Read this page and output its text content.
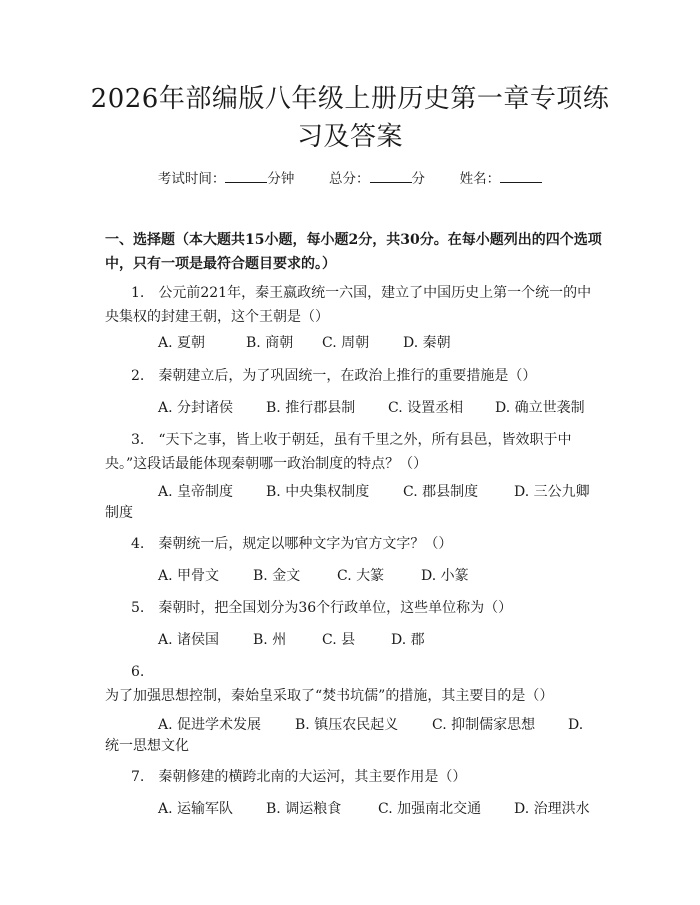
2026年部编版八年级上册历史第一章专项练习及答案
考试时间：	分钟	总分：	分	姓名：
一、选择题（本大题共15小题，每小题2分，共30分。在每小题列出的四个选项中，只有一项是最符合题目要求的。）
1.  公元前221年，秦王嬴政统一六国，建立了中国历史上第一个统一的中央集权的封建王朝，这个王朝是（）
A. 夏朝	B. 商朝 C. 周朝 D. 秦朝
2.  秦朝建立后，为了巩固统一，在政治上推行的重要措施是（）
A. 分封诸侯 B. 推行郡县制 C. 设置丞相 D. 确立世袭制
3.  “天下之事，皆上收于朝廷，虽有千里之外，所有县邑，皆效职于中央。”这段话最能体现秦朝哪一政治制度的特点？（）
A. 皇帝制度 B. 中央集权制度 C. 郡县制度	D. 三公九卿
制度
4.  秦朝统一后，规定以哪种文字为官方文字？（）
A. 甲骨文 B. 金文	C. 大篆	D. 小篆
5.  秦朝时，把全国划分为36个行政单位，这些单位称为（）
A. 诸侯国 B. 州	C. 县	D. 郡
6. 为了加强思想控制，秦始皇采取了“焚书坑儒”的措施，其主要目的是（）
A. 促进学术发展 B. 镇压农民起义 C. 抑制儒家思想 D.
统一思想文化
7.  秦朝修建的横跨北南的大运河，其主要作用是（）
A. 运输军队 B. 调运粮食	C. 加强南北交通 D. 治理洪水
